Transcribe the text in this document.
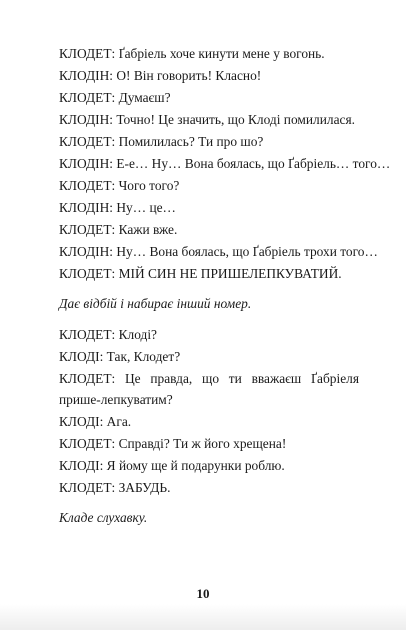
КЛОДЕТ: Ґабріель хоче кинути мене у вогонь.

КЛОДІН: О! Він говорить! Класно!

КЛОДЕТ: Думаєш?

КЛОДІН: Точно! Це значить, що Клоді помилилася.

КЛОДЕТ: Помилилась? Ти про шо?

КЛОДІН: Е-е… Ну… Вона боялась, що Ґабріель… того…

КЛОДЕТ: Чого того?

КЛОДІН: Ну… це…

КЛОДЕТ: Кажи вже.

КЛОДІН: Ну… Вона боялась, що Ґабріель трохи того…

КЛОДЕТ: МІЙ СИН НЕ ПРИШЕЛЕПКУВАТИЙ.

Дає відбій і набирає інший номер.

КЛОДЕТ: Клоді?

КЛОДІ: Так, Клодет?

КЛОДЕТ: Це правда, що ти вважаєш Ґабріеля прише-лепкуватим?

КЛОДІ: Ага.

КЛОДЕТ: Справді? Ти ж його хрещена!

КЛОДІ: Я йому ще й подарунки роблю.

КЛОДЕТ: ЗАБУДЬ.

Кладе слухавку.

10
